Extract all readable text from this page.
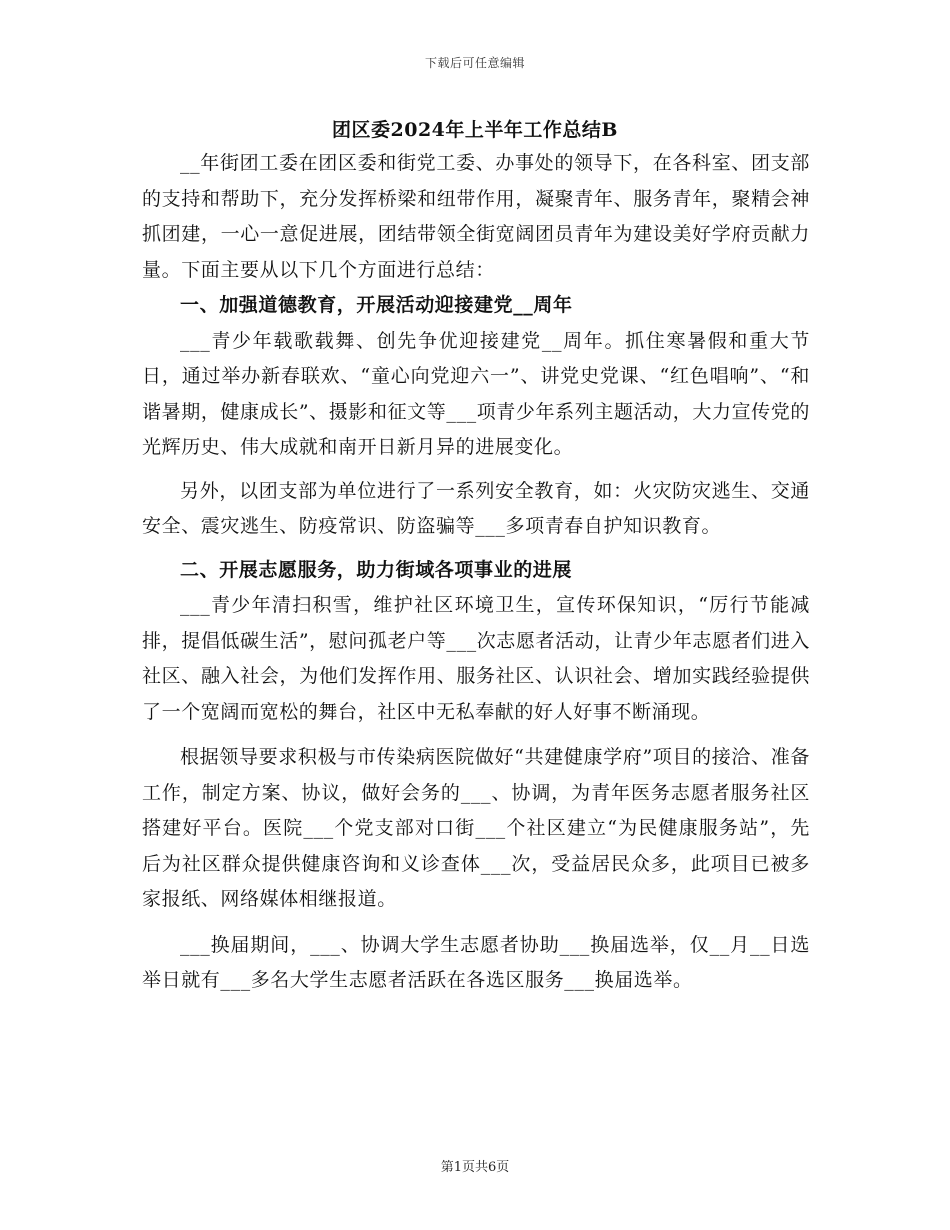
下载后可任意编辑
团区委2024年上半年工作总结B

__年街团工委在团区委和街党工委、办事处的领导下，在各科室、团支部的支持和帮助下，充分发挥桥梁和纽带作用，凝聚青年、服务青年，聚精会神抓团建，一心一意促进展，团结带领全街宽阔团员青年为建设美好学府贡献力量。下面主要从以下几个方面进行总结：

一、加强道德教育，开展活动迎接建党__周年

___青少年载歌载舞、创先争优迎接建党__周年。抓住寒暑假和重大节日，通过举办新春联欢、“童心向党迎六一”、讲党史党课、“红色唱响”、“和谐暑期，健康成长”、摄影和征文等___项青少年系列主题活动，大力宣传党的光辉历史、伟大成就和南开日新月异的进展变化。

另外，以团支部为单位进行了一系列安全教育，如：火灾防灾逃生、交通安全、震灾逃生、防疫常识、防盗骗等___多项青春自护知识教育。

二、开展志愿服务，助力街域各项事业的进展

___青少年清扫积雪，维护社区环境卫生，宣传环保知识，“厉行节能减排，提倡低碳生活”，慰问孤老户等___次志愿者活动，让青少年志愿者们进入社区、融入社会，为他们发挥作用、服务社区、认识社会、增加实践经验提供了一个宽阔而宽松的舞台，社区中无私奉献的好人好事不断涌现。

根据领导要求积极与市传染病医院做好“共建健康学府”项目的接洽、准备工作，制定方案、协议，做好会务的___、协调，为青年医务志愿者服务社区搭建好平台。医院___个党支部对口街___个社区建立“为民健康服务站”，先后为社区群众提供健康咨询和义诊查体___次，受益居民众多，此项目已被多家报纸、网络媒体相继报道。

___换届期间，___、协调大学生志愿者协助___换届选举，仅__月__日选举日就有___多名大学生志愿者活跃在各选区服务___换届选举。

第1页共6页
